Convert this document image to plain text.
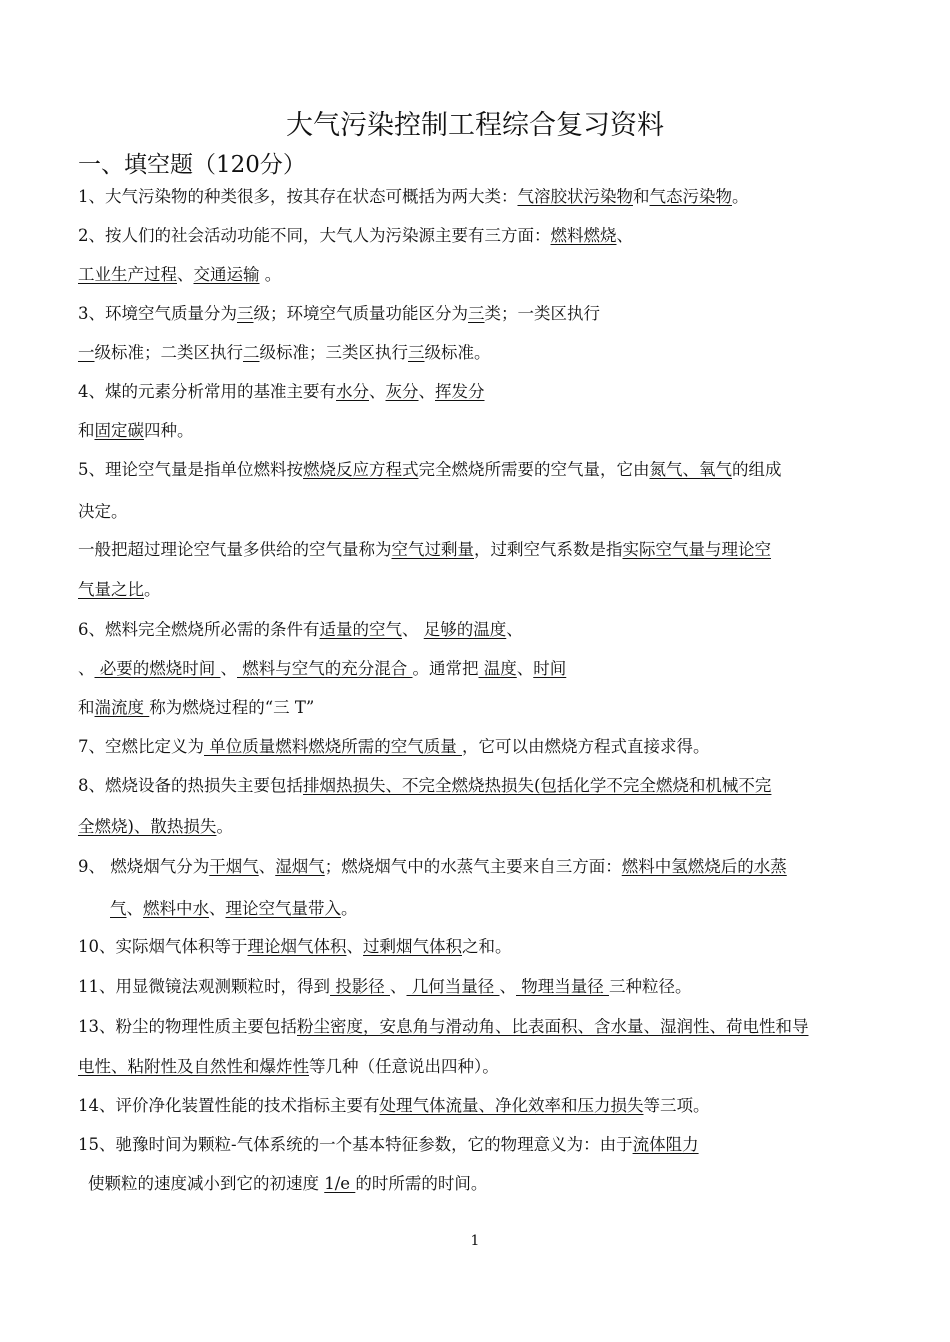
大气污染控制工程综合复习资料
一、填空题（120分）
1、大气污染物的种类很多，按其存在状态可概括为两大类：气溶胶状污染物和气态污染物。
2、按人们的社会活动功能不同，大气人为污染源主要有三方面：燃料燃烧、
工业生产过程、交通运输 。
3、环境空气质量分为三级；环境空气质量功能区分为三类；一类区执行
一级标准；二类区执行二级标准；三类区执行三级标准。
4、煤的元素分析常用的基准主要有水分、灰分、挥发分
和固定碳四种。
5、理论空气量是指单位燃料按燃烧反应方程式完全燃烧所需要的空气量，它由氮气、氧气的组成
决定。
一般把超过理论空气量多供给的空气量称为空气过剩量，过剩空气系数是指实际空气量与理论空
气量之比。
6、燃料完全燃烧所必需的条件有适量的空气、 足够的温度、
、 必要的燃烧时间 、 燃料与空气的充分混合 。通常把 温度、时间
和湍流度 称为燃烧过程的“三 T”
7、空燃比定义为 单位质量燃料燃烧所需的空气质量 ，它可以由燃烧方程式直接求得。
8、燃烧设备的热损失主要包括排烟热损失、不完全燃烧热损失(包括化学不完全燃烧和机械不完
全燃烧)、散热损失。
9、 燃烧烟气分为干烟气、湿烟气；燃烧烟气中的水蒸气主要来自三方面：燃料中氢燃烧后的水蒸
气、燃料中水、理论空气量带入。
10、实际烟气体积等于理论烟气体积、过剩烟气体积之和。
11、用显微镜法观测颗粒时，得到 投影径 、 几何当量径 、 物理当量径 三种粒径。
13、粉尘的物理性质主要包括粉尘密度，安息角与滑动角、比表面积、含水量、湿润性、荷电性和导
电性、粘附性及自然性和爆炸性等几种（任意说出四种）。
14、评价净化装置性能的技术指标主要有处理气体流量、净化效率和压力损失等三项。
15、驰豫时间为颗粒-气体系统的一个基本特征参数，它的物理意义为：由于流体阻力
使颗粒的速度减小到它的初速度 1/e 的时所需的时间。
1
